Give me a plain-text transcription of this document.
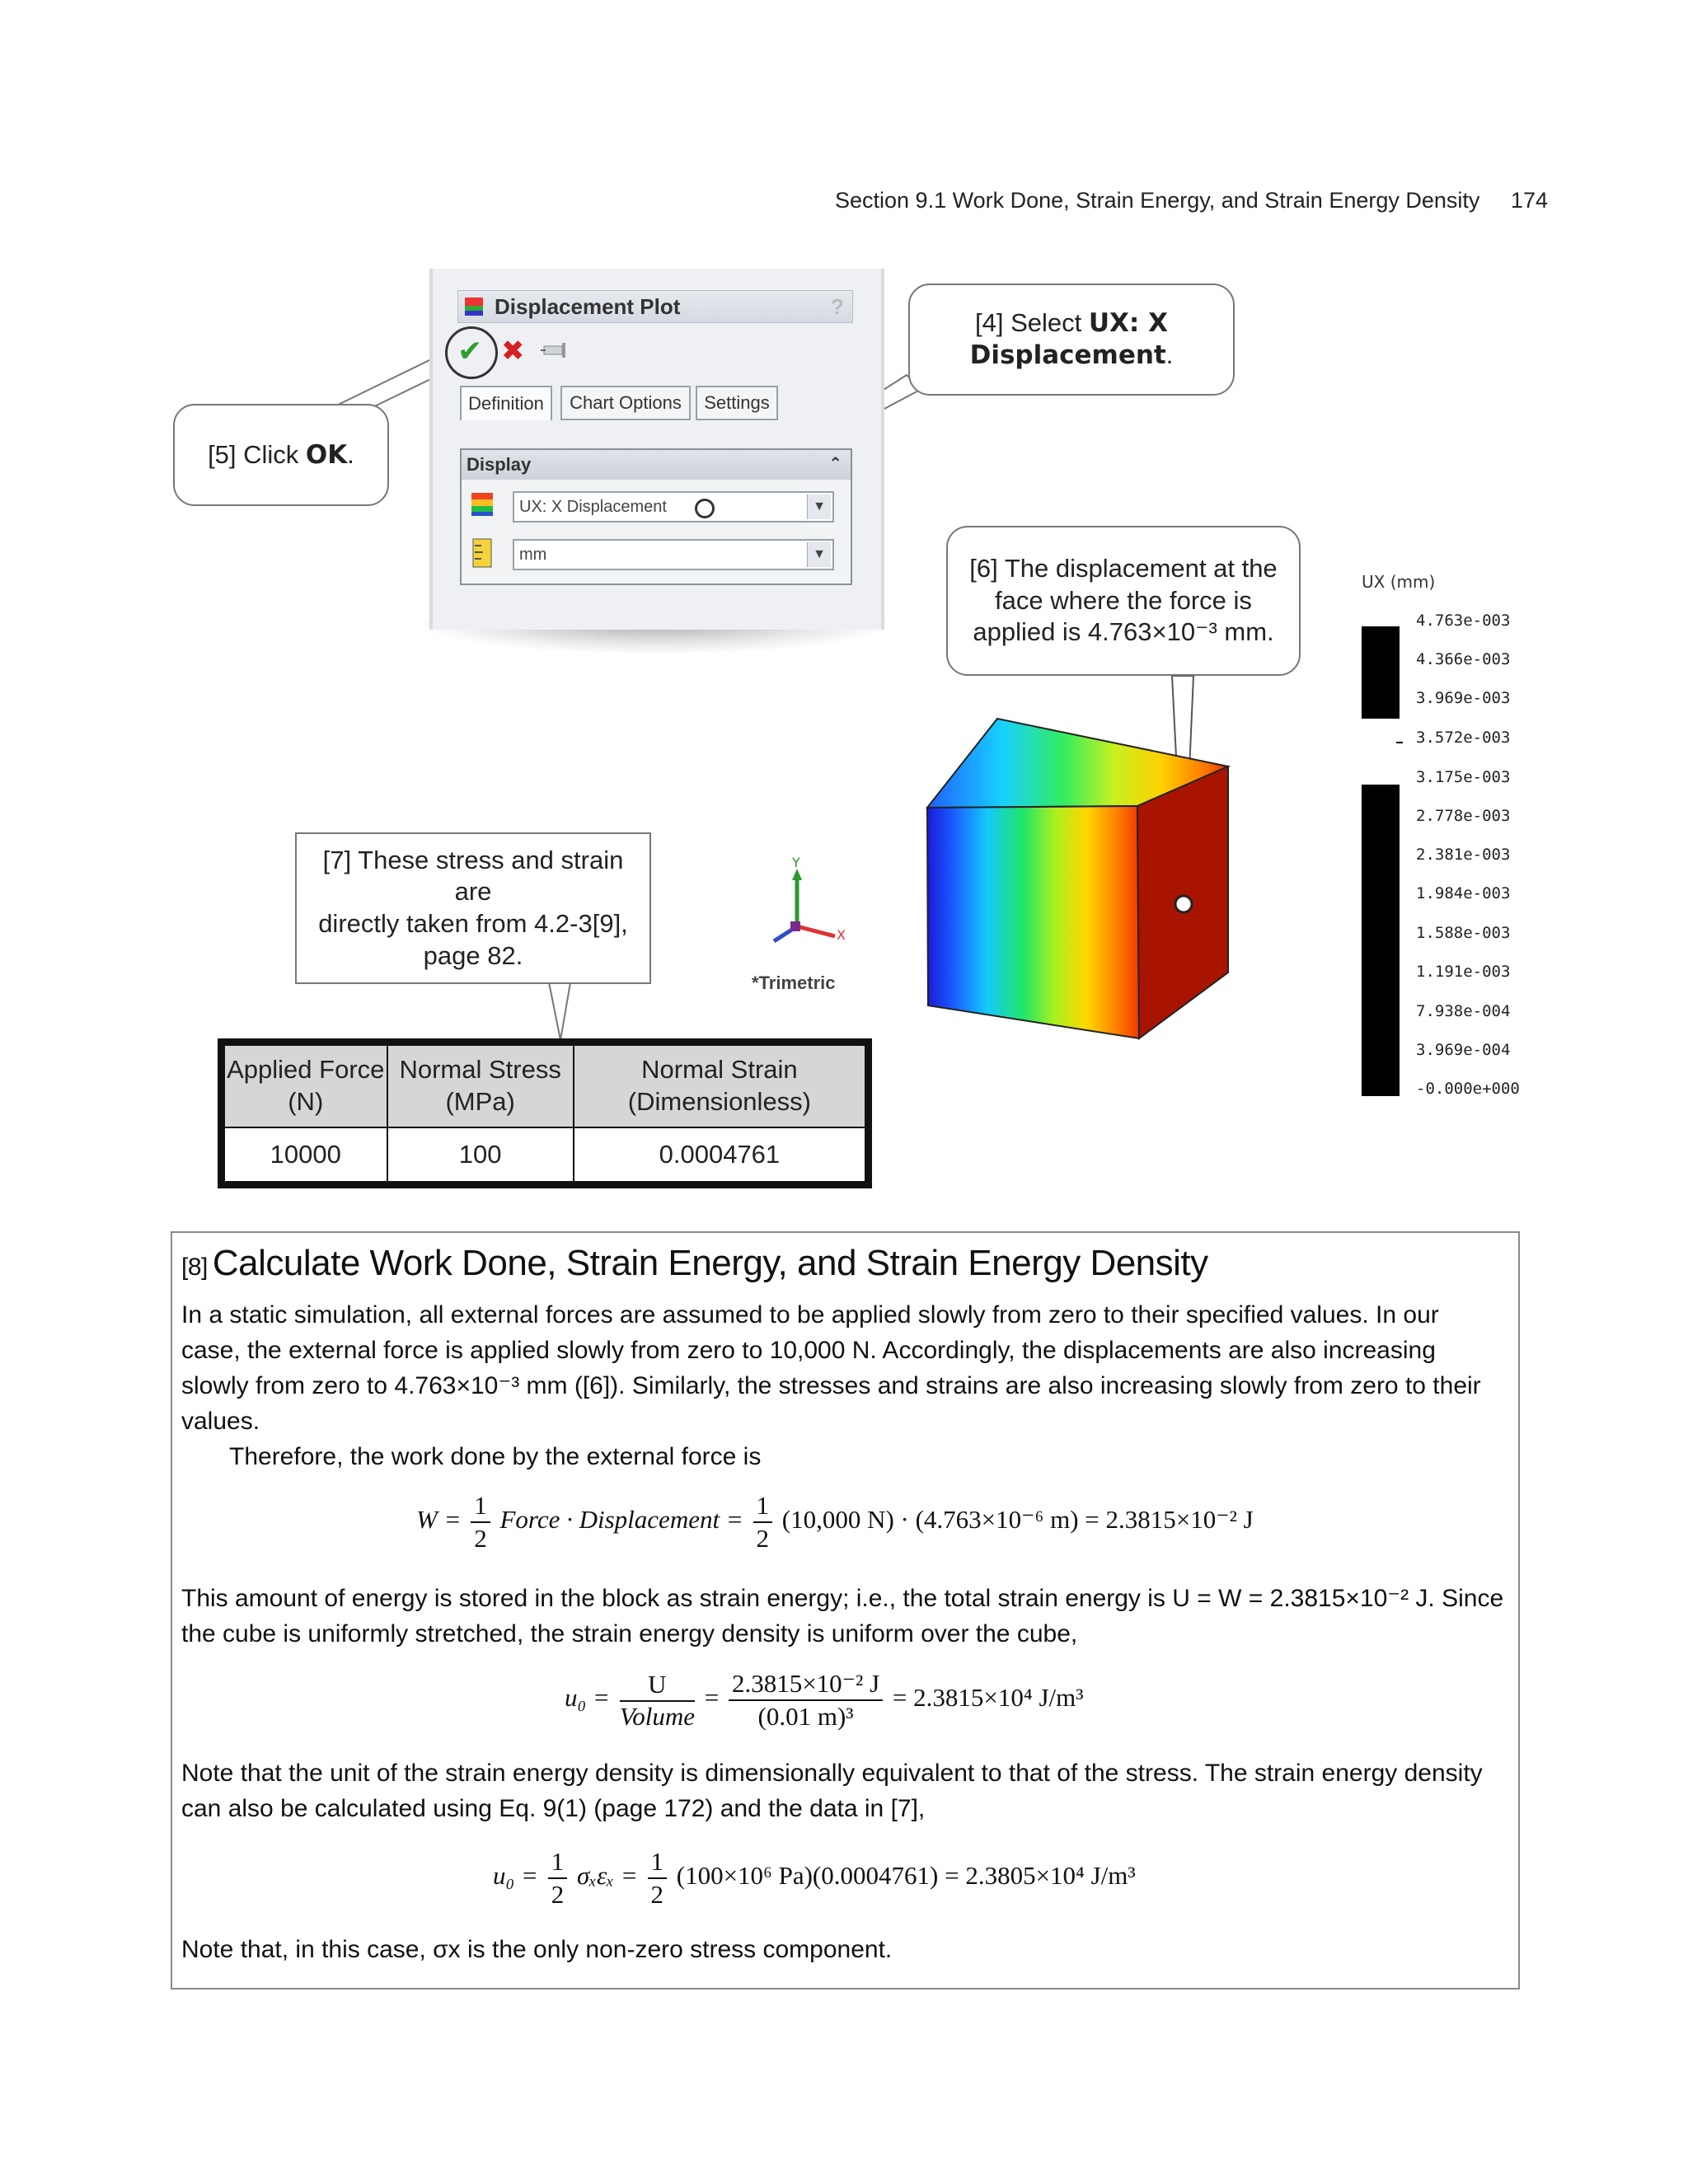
Section 9.1 Work Done, Strain Energy, and Strain Energy Density 174
Displacement Plot	?
✔ ✖
Definition Chart Options Settings
Display	⌃
UX: X Displacement	▼
mm	▼
[4] Select UX: X
Displacement.
[5] Click OK.
[6] The displacement at the
face where the force is
applied is 4.763×10⁻³ mm.
[7] These stress and strain are
directly taken from 4.2-3[9],
page 82.
Y
X
*Trimetric
UX (mm)
4.763e-003
4.366e-003
3.969e-003
3.572e-003
3.175e-003
2.778e-003
2.381e-003
1.984e-003
1.588e-003
1.191e-003
7.938e-004
3.969e-004
-0.000e+000
Applied Force (N)	Normal Stress (MPa)	Normal Strain (Dimensionless)
10000	100	0.0004761
[8] Calculate Work Done, Strain Energy, and Strain Energy Density

In a static simulation, all external forces are assumed to be applied slowly from zero to their specified values. In our case, the external force is applied slowly from zero to 10,000 N. Accordingly, the displacements are also increasing slowly from zero to 4.763×10⁻³ mm ([6]). Similarly, the stresses and strains are also increasing slowly from zero to their values.

Therefore, the work done by the external force is

$W = \frac{1}{2}$ Force · Displacement = $\frac{1}{2} (10,000$ N) · (4.763×10⁻⁶ m) = 2.3815×10⁻² J

This amount of energy is stored in the block as strain energy; i.e., the total strain energy is U = W = 2.3815×10⁻² J. Since the cube is uniformly stretched, the strain energy density is uniform over the cube,

$u_0 = \frac{U}{\text{Volume}} = \frac{\text{2.3815×10⁻² J}}{\text{(0.01 m)³}} = 2.3815\times 10^4$ J/m³

Note that the unit of the strain energy density is dimensionally equivalent to that of the stress. The strain energy density can also be calculated using Eq. 9(1) (page 172) and the data in [7],

$u_0 = \frac{1}{2}$ $\sigma_x\varepsilon_x = \frac{1}{2} (100\times 10^6$ Pa)(0.0004761) = 2.3805×10⁴ J/m³

Note that, in this case, σx is the only non-zero stress component.
